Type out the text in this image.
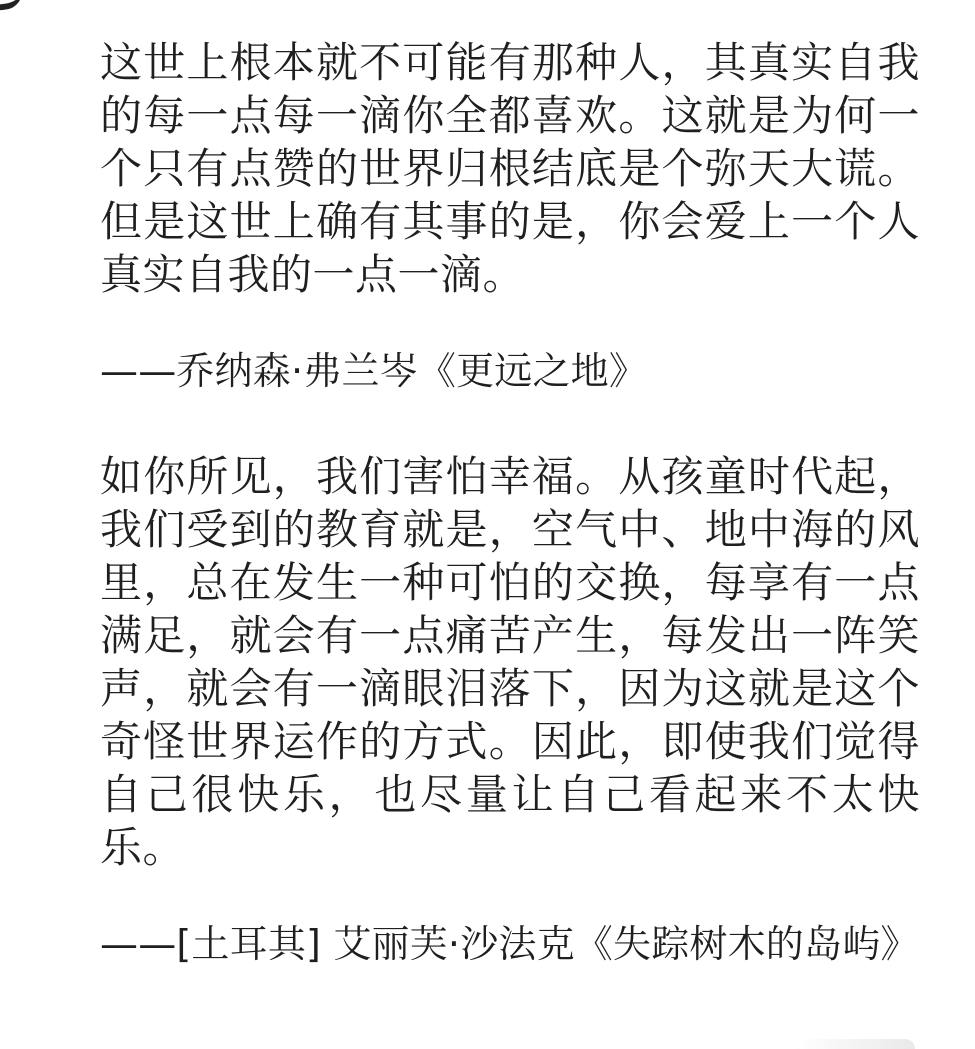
这世上根本就不可能有那种人，其真实自我的每一点每一滴你全都喜欢。这就是为何一个只有点赞的世界归根结底是个弥天大谎。但是这世上确有其事的是，你会爱上一个人真实自我的一点一滴。

——乔纳森·弗兰岑《更远之地》

如你所见，我们害怕幸福。从孩童时代起，我们受到的教育就是，空气中、地中海的风里，总在发生一种可怕的交换，每享有一点满足，就会有一点痛苦产生，每发出一阵笑声，就会有一滴眼泪落下，因为这就是这个奇怪世界运作的方式。因此，即使我们觉得自己很快乐，也尽量让自己看起来不太快乐。

——[土耳其] 艾丽芙·沙法克《失踪树木的岛屿》
